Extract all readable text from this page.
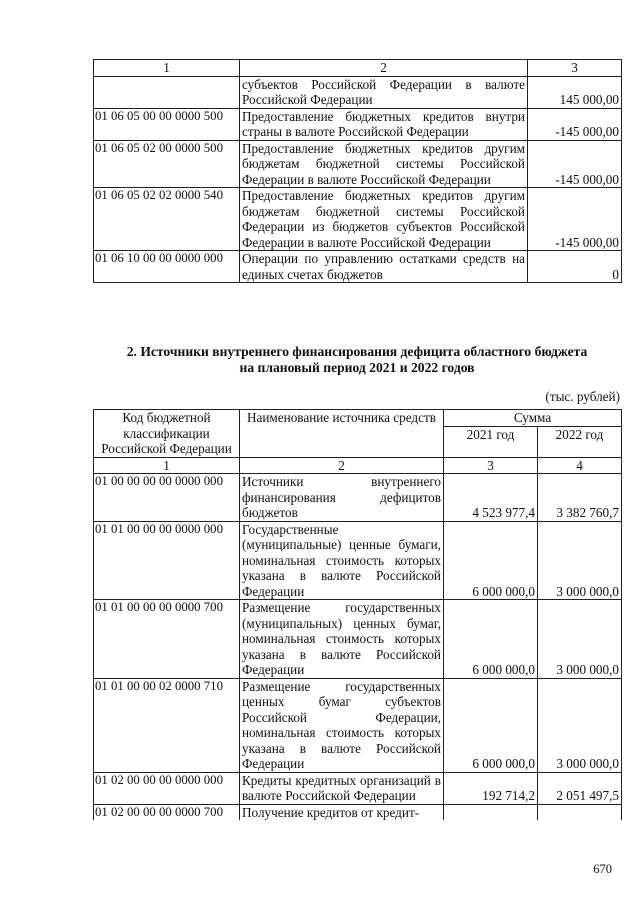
1	2	3
	субъектов Российской Федерации в валюте Российской Федерации	145 000,00
01 06 05 00 00 0000 500	Предоставление бюджетных кредитов внутри страны в валюте Российской Федерации	-145 000,00
01 06 05 02 00 0000 500	Предоставление бюджетных кредитов другим бюджетам бюджетной системы Российской Федерации в валюте Российской Федерации	-145 000,00
01 06 05 02 02 0000 540	Предоставление бюджетных кредитов другим бюджетам бюджетной системы Российской Федерации из бюджетов субъектов Российской Федерации в валюте Российской Федерации	-145 000,00
01 06 10 00 00 0000 000	Операции по управлению остатками средств на единых счетах бюджетов	0
2. Источники внутреннего финансирования дефицита областного бюджета
на плановый период 2021 и 2022 годов
(тыс. рублей)
Код бюджетной классификации Российской Федерации	Наименование источника средств	Сумма	
		2021 год	2022 год
1	2	3	4
01 00 00 00 00 0000 000	Источники внутреннего финансирования дефицитов бюджетов	4 523 977,4	3 382 760,7
01 01 00 00 00 0000 000	Государственные (муниципальные) ценные бумаги, номинальная стоимость которых указана в валюте Российской Федерации	6 000 000,0	3 000 000,0
01 01 00 00 00 0000 700	Размещение государственных (муниципальных) ценных бумаг, номинальная стоимость которых указана в валюте Российской Федерации	6 000 000,0	3 000 000,0
01 01 00 00 02 0000 710	Размещение государственных ценных бумаг субъектов Российской Федерации, номинальная стоимость которых указана в валюте Российской Федерации	6 000 000,0	3 000 000,0
01 02 00 00 00 0000 000	Кредиты кредитных организаций в валюте Российской Федерации	192 714,2	2 051 497,5
01 02 00 00 00 0000 700	Получение кредитов от кредит-		
670
